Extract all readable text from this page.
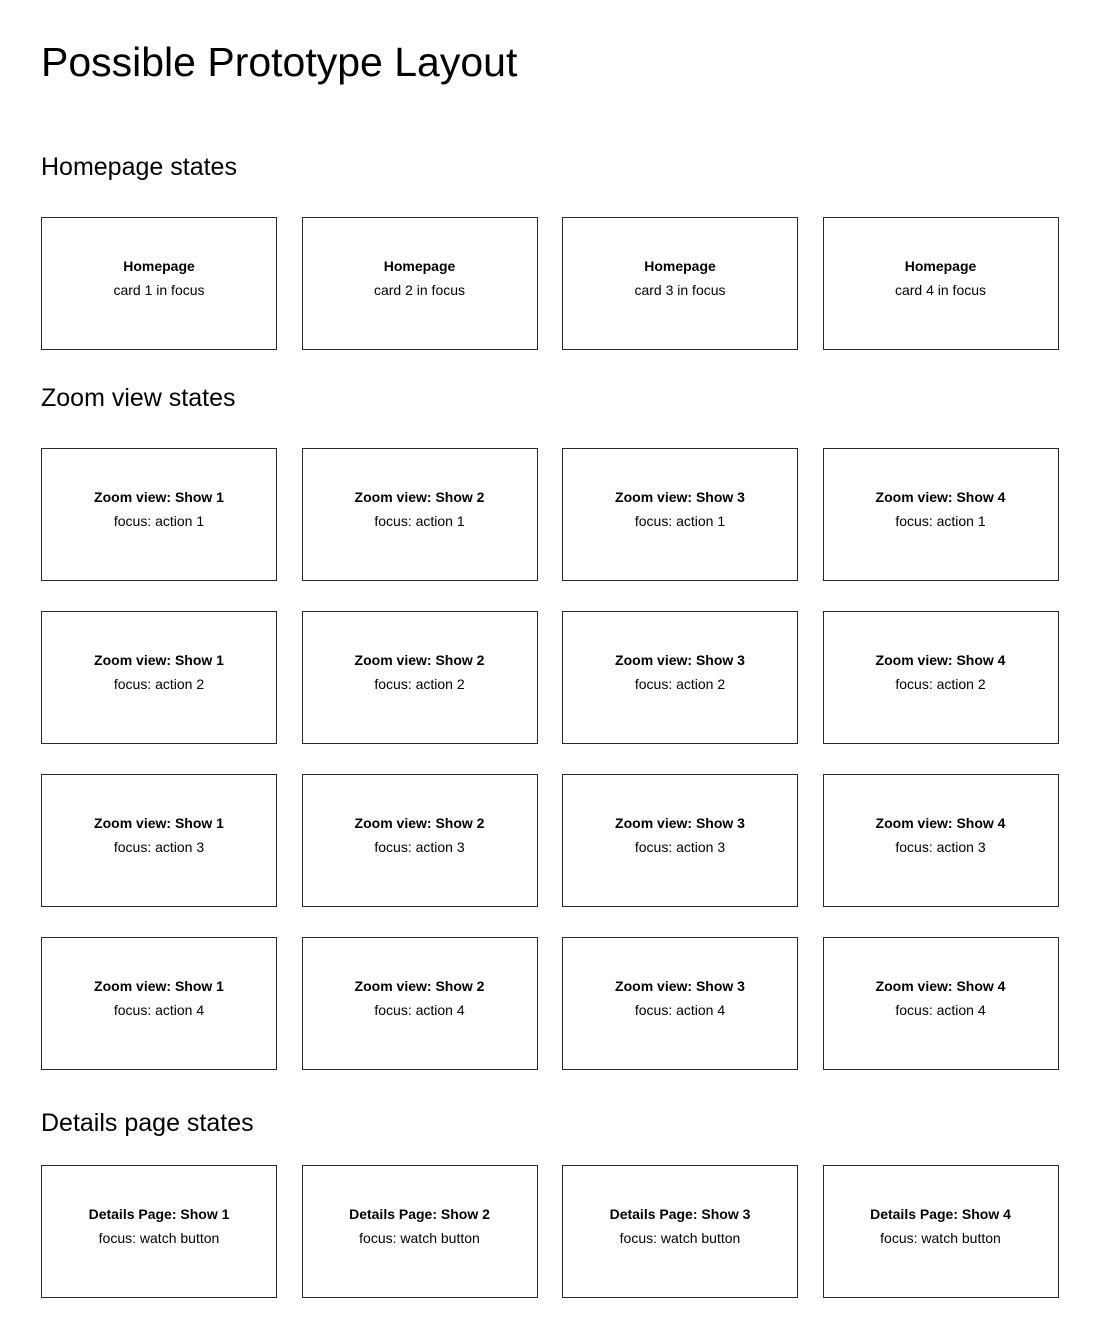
Possible Prototype Layout
Homepage states
Homepage
card 1 in focus
Homepage
card 2 in focus
Homepage
card 3 in focus
Homepage
card 4 in focus
Zoom view states
Zoom view: Show 1
focus: action 1
Zoom view: Show 2
focus: action 1
Zoom view: Show 3
focus: action 1
Zoom view: Show 4
focus: action 1
Zoom view: Show 1
focus: action 2
Zoom view: Show 2
focus: action 2
Zoom view: Show 3
focus: action 2
Zoom view: Show 4
focus: action 2
Zoom view: Show 1
focus: action 3
Zoom view: Show 2
focus: action 3
Zoom view: Show 3
focus: action 3
Zoom view: Show 4
focus: action 3
Zoom view: Show 1
focus: action 4
Zoom view: Show 2
focus: action 4
Zoom view: Show 3
focus: action 4
Zoom view: Show 4
focus: action 4
Details page states
Details Page: Show 1
focus: watch button
Details Page: Show 2
focus: watch button
Details Page: Show 3
focus: watch button
Details Page: Show 4
focus: watch button
